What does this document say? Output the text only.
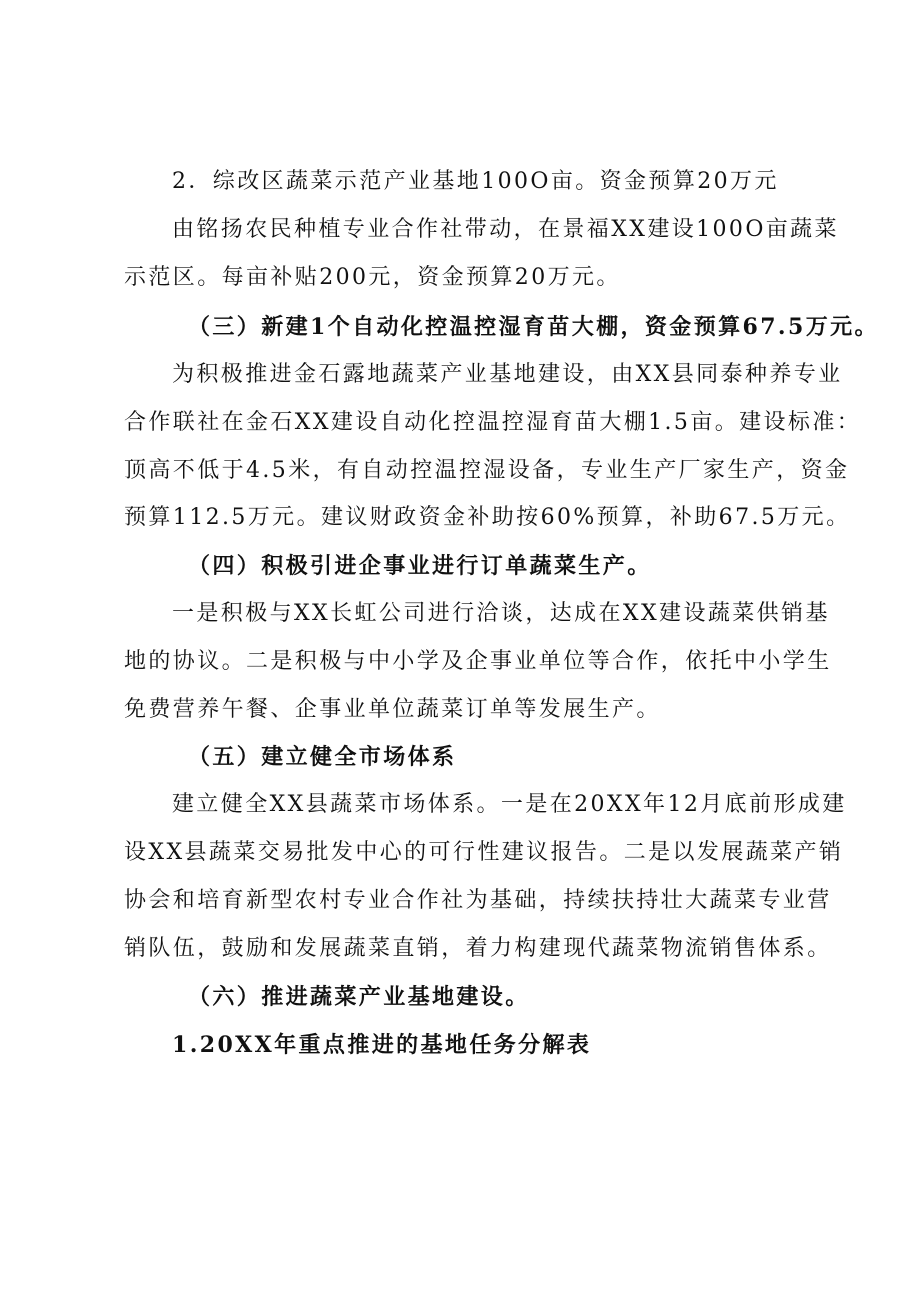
2．综改区蔬菜示范产业基地100O亩。资金预算20万元
由铭扬农民种植专业合作社带动，在景福XX建设100O亩蔬菜
示范区。每亩补贴200元，资金预算20万元。
（三）新建1个自动化控温控湿育苗大棚，资金预算67.5万元。
为积极推进金石露地蔬菜产业基地建设，由XX县同泰种养专业
合作联社在金石XX建设自动化控温控湿育苗大棚1.5亩。建设标准：
顶高不低于4.5米，有自动控温控湿设备，专业生产厂家生产，资金
预算112.5万元。建议财政资金补助按60%预算，补助67.5万元。
（四）积极引进企事业进行订单蔬菜生产。
一是积极与XX长虹公司进行洽谈，达成在XX建设蔬菜供销基
地的协议。二是积极与中小学及企事业单位等合作，依托中小学生
免费营养午餐、企事业单位蔬菜订单等发展生产。
（五）建立健全市场体系
建立健全XX县蔬菜市场体系。一是在20XX年12月底前形成建
设XX县蔬菜交易批发中心的可行性建议报告。二是以发展蔬菜产销
协会和培育新型农村专业合作社为基础，持续扶持壮大蔬菜专业营
销队伍，鼓励和发展蔬菜直销，着力构建现代蔬菜物流销售体系。
（六）推进蔬菜产业基地建设。
1.20XX年重点推进的基地任务分解表
